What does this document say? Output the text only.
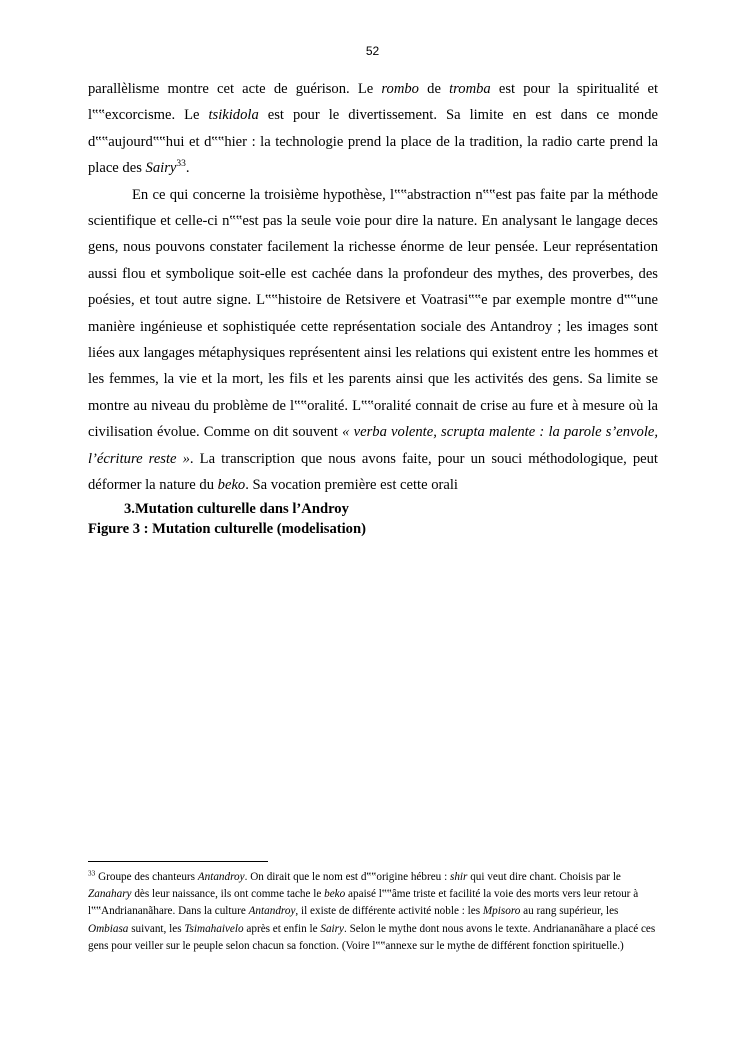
52

parallèlisme montre cet acte de guérison. Le rombo de tromba est pour la spiritualité et l‟‟excorcisme. Le tsikidola est pour le divertissement. Sa limite en est dans ce monde d‟‟aujourd‟‟hui et d‟‟hier : la technologie prend la place de la tradition, la radio carte prend la place des Sairy$^{33}$.

En ce qui concerne la troisième hypothèse, l‟‟abstraction n‟‟est pas faite par la méthode scientifique et celle-ci n‟‟est pas la seule voie pour dire la nature. En analysant le langage deces gens, nous pouvons constater facilement la richesse énorme de leur pensée. Leur représentation aussi flou et symbolique soit-elle est cachée dans la profondeur des mythes, des proverbes, des poésies, et tout autre signe. L‟‟histoire de Retsivere et Voatrasi‟‟e par exemple montre d‟‟une manière ingénieuse et sophistiquée cette représentation sociale des Antandroy ; les images sont liées aux langages métaphysiques représentent ainsi les relations qui existent entre les hommes et les femmes, la vie et la mort, les fils et les parents ainsi que les activités des gens. Sa limite se montre au niveau du problème de l‟‟oralité. L‟‟oralité connait de crise au fure et à mesure où la civilisation évolue. Comme on dit souvent « verba volente, scrupta malente : la parole s’envole, l’écriture reste ». La transcription que nous avons faite, pour un souci méthodologique, peut déformer la nature du beko. Sa vocation première est cette orali

3.Mutation culturelle dans l’Androy

Figure 3 : Mutation culturelle (modelisation)

$^{33}$ Groupe des chanteurs Antandroy. On dirait que le nom est d‟‟origine hébreu : shir qui veut dire chant. Choisis par le Zanahary dès leur naissance, ils ont comme tache le beko apaisé l‟‟âme triste et facilité la voie des morts vers leur retour à l‟‟Andriananãhare. Dans la culture Antandroy, il existe de différente activité noble : les Mpisoro au rang supérieur, les Ombiasa suivant, les Tsimahaivelo après et enfin le Sairy. Selon le mythe dont nous avons le texte. Andriananãhare a placé ces gens pour veiller sur le peuple selon chacun sa fonction. (Voire l‟‟annexe sur le mythe de différent fonction spirituelle.)
